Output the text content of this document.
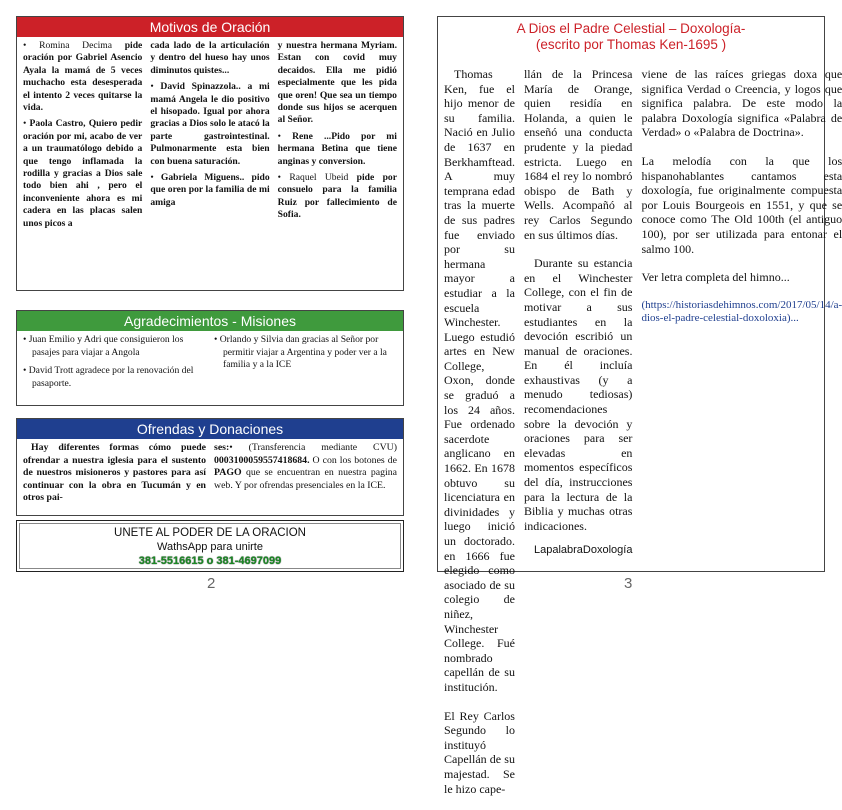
Motivos de Oración

• Romina Decima pide oración por Gabriel Asencio Ayala la mamá de 5 veces muchacho esta desesperada el intento 2 veces quitarse la vida.

• Paola Castro, Quiero pedir oración por mi, acabo de ver a un traumatólogo debido a que tengo inflamada la rodilla y gracias a Dios sale todo bien ahi , pero el inconveniente ahora es mi cadera en las placas salen unos picos a

cada lado de la articulación y dentro del hueso hay unos diminutos quistes...

• David Spinazzola.. a mi mamá Angela le dio positivo el hisopado. Igual por ahora gracias a Dios solo le atacó la parte gastrointestinal. Pulmonarmente esta bien con buena saturación.

• Gabriela Miguens.. pido que oren por la familia de mi amiga

y nuestra hermana Myriam. Estan con covid muy decaidos. Ella me pidió especialmente que les pida que oren! Que sea un tiempo donde sus hijos se acerquen al Señor.

• Rene ...Pido por mi hermana Betina que tiene anginas y conversion.

• Raquel Ubeid pide por consuelo para la familia Ruiz por fallecimiento de Sofia.

Agradecimientos - Misiones

• Juan Emilio y Adri que consiguieron los pasajes para viajar a Angola

• David Trott agradece por la renovación del pasaporte.

• Orlando y Silvia dan gracias al Señor por permitir viajar a Argentina y poder ver a la familia y a la ICE

Ofrendas y Donaciones

Hay diferentes formas cómo puede ofrendar a nuestra iglesia para el sustento de nuestros misioneros y pastores para así continuar con la obra en Tucumán y en otros pai-

ses:• (Transferencia mediante CVU) 0003100059557418684. O con los botones de PAGO que se encuentran en nuestra pagina web. Y por ofrendas presenciales en la ICE.

UNETE AL PODER DE LA ORACION
WathsApp para unirte
381-5516615 o 381-4697099
2
A Dios el Padre Celestial – Doxología-
(escrito por Thomas Ken-1695 )

Thomas Ken, fue el hijo menor de su familia. Nació en Julio de 1637 en Berkhamftead. A muy temprana edad tras la muerte de sus padres fue enviado por su hermana mayor a estudiar a la escuela Winchester. Luego estudió artes en New College, Oxon, donde se graduó a los 24 años. Fue ordenado sacerdote anglicano en 1662. En 1678 obtuvo su licenciatura en divinidades y luego inició un doctorado. en 1666 fue elegido como asociado de su colegio de niñez, Winchester College. Fué nombrado capellán de su institución.

El Rey Carlos Segundo lo instituyó Capellán de su majestad. Se le hizo cape-

llán de la Princesa María de Orange, quien residía en Holanda, a quien le enseñó una conducta prudente y la piedad estricta. Luego en 1684 el rey lo nombró obispo de Bath y Wells. Acompañó al rey Carlos Segundo en sus últimos días.

Durante su estancia en el Winchester College, con el fin de motivar a sus estudiantes en la devoción escribió un manual de oraciones. En él incluía exhaustivas (y a menudo tediosas) recomendaciones sobre la devoción y oraciones para ser elevadas en momentos específicos del día, instrucciones para la lectura de la Biblia y muchas otras indicaciones.

LapalabraDoxología

viene de las raíces griegas doxa que significa Verdad o Creencia, y logos que significa palabra. De este modo la palabra Doxología significa «Palabra de Verdad» o «Palabra de Doctrina».

La melodía con la que los hispanohablantes cantamos esta doxología, fue originalmente compuesta por Louis Bourgeois en 1551, y que se conoce como The Old 100th (el antiguo 100), por ser utilizada para entonar el salmo 100.

Ver letra completa del himno...

(https://historiasdehimnos.com/2017/05/14/a-dios-el-padre-celestial-doxoloxia)...

3
